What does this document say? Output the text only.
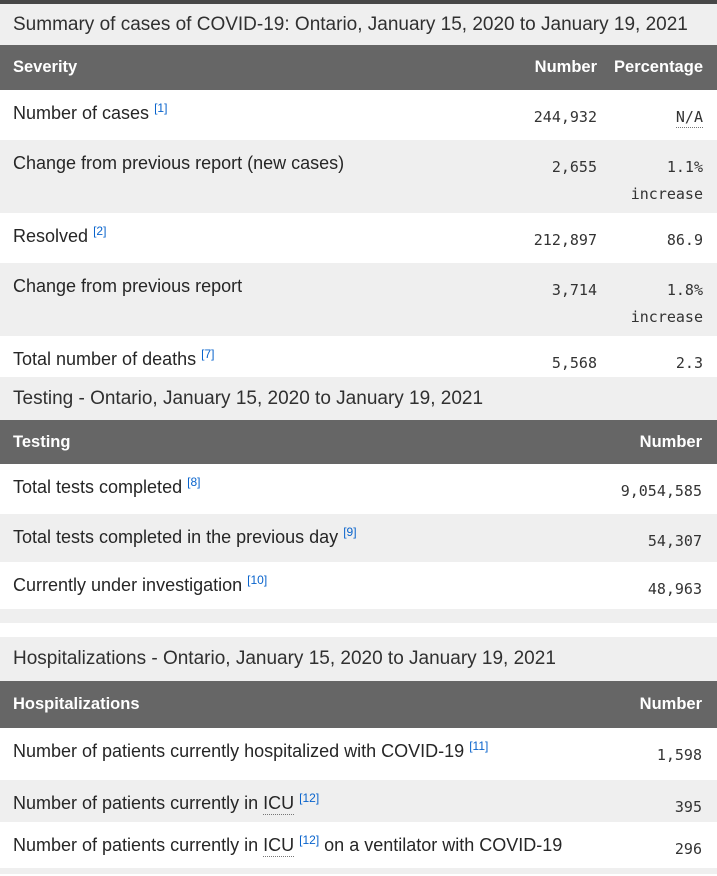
Summary of cases of COVID-19: Ontario, January 15, 2020 to January 19, 2021
Severity	Number	Percentage
Number of cases [1]	244,932	N/A
Change from previous report (new cases)	2,655	1.1%
increase
Resolved [2]	212,897	86.9
Change from previous report	3,714	1.8%
increase
Total number of deaths [7]	5,568	2.3
Testing - Ontario, January 15, 2020 to January 19, 2021
Testing	Number
Total tests completed [8]	9,054,585
Total tests completed in the previous day [9]	54,307
Currently under investigation [10]	48,963
Hospitalizations - Ontario, January 15, 2020 to January 19, 2021
Hospitalizations	Number
Number of patients currently hospitalized with COVID-19 [11]	1,598
Number of patients currently in ICU [12]	395
Number of patients currently in ICU [12] on a ventilator with COVID-19	296
